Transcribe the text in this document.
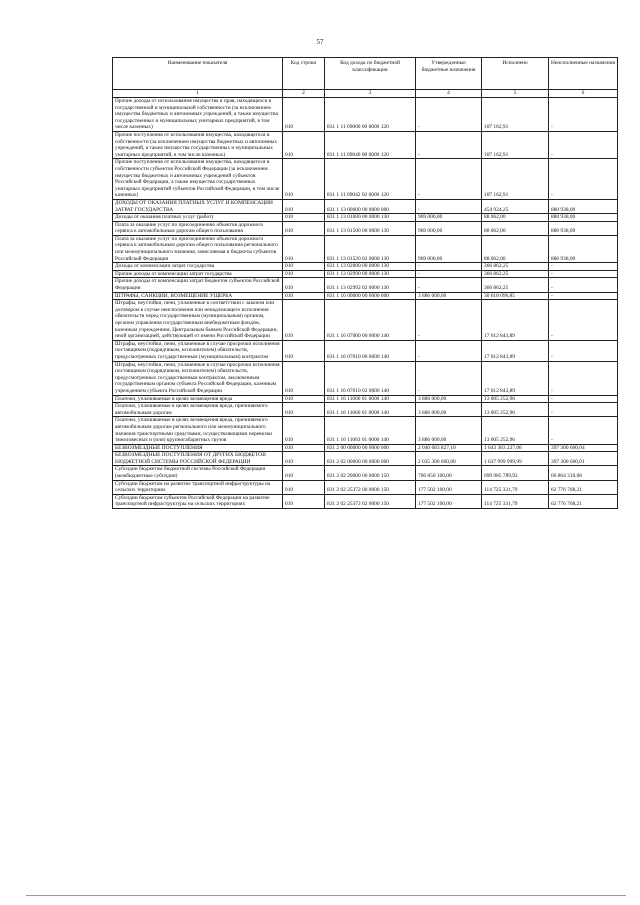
57
Наименование показателя	Код строки	Код дохода по бюджетной классификации	Утвержденные бюджетные назначения	Исполнено	Неисполненные назначения
1	2	3	4	5	6
Прочие доходы от использования имущества и прав, находящихся в государственной и муниципальной собственности (за исключением имущества бюджетных и автономных учреждений, а также имущества государственных и муниципальных унитарных предприятий, в том числе казенных)	010	831 1 11 09000 00 0000 120	-	107 162,91	-
Прочие поступления от использования имущества, находящегося в собственности (за исключением имущества бюджетных и автономных учреждений, а также имущества государственных и муниципальных унитарных предприятий, в том числе казенных)	010	831 1 11 09040 00 0000 120	-	107 162,91	-
Прочие поступления от использования имущества, находящегося в собственности субъектов Российской Федерации (за исключением имущества бюджетных и автономных учреждений субъектов Российской Федерации, а также имущества государственных унитарных предприятий субъектов Российской Федерации, в том числе казенных)	010	831 1 11 09042 02 0000 120	-	107 162,91	-
ДОХОДЫ ОТ ОКАЗАНИЯ ПЛАТНЫХ УСЛУГ И КОМПЕНСАЦИИ ЗАТРАТ ГОСУДАРСТВА	010	831 1 13 00000 00 0000 000	-	454 924,25	880 938,00
Доходы от оказания платных услуг (работ)	010	831 1 13 01000 00 0000 130	969 000,00	88 062,00	880 938,00
Плата за оказание услуг по присоединению объектов дорожного сервиса к автомобильным дорогам общего пользования	010	831 1 13 01500 00 0000 130	969 000,00	88 062,00	880 938,00
Плата за оказание услуг по присоединению объектов дорожного сервиса к автомобильным дорогам общего пользования регионального или межмуниципального значения, зачисляемая в бюджеты субъектов Российской Федерации	010	831 1 13 01520 02 0000 130	969 000,00	88 062,00	880 938,00
Доходы от компенсации затрат государства	010	831 1 13 02000 00 0000 130	-	366 862,25	-
Прочие доходы от компенсации затрат государства	010	831 1 13 02990 00 0000 130	-	366 862,25	-
Прочие доходы от компенсации затрат бюджетов субъектов Российской Федерации	010	831 1 13 02992 02 0000 130	-	366 862,25	-
ШТРАФЫ, САНКЦИИ, ВОЗМЕЩЕНИЕ УЩЕРБА	010	831 1 16 00000 00 0000 000	3 886 000,00	30 618 096,85	-
Штрафы, неустойки, пени, уплаченные в соответствии с законом или договором в случае неисполнения или ненадлежащего исполнения обязательств перед государственным (муниципальным) органом, органом управления государственным внебюджетным фондом, казенным учреждением, Центральным банком Российской Федерации, иной организацией, действующей от имени Российской Федерации	010	831 1 16 07000 00 0000 140	-	17 612 843,89	-
Штрафы, неустойки, пени, уплаченные в случае просрочки исполнения поставщиком (подрядчиком, исполнителем) обязательств, предусмотренных государственным (муниципальным) контрактом	010	831 1 16 07010 00 0000 140	-	17 612 843,89	-
Штрафы, неустойки, пени, уплаченные в случае просрочки исполнения поставщиком (подрядчиком, исполнителем) обязательств, предусмотренных государственным контрактом, заключенным государственным органом субъекта Российской Федерации, казенным учреждением субъекта Российской Федерации	010	831 1 16 07010 02 0000 140	-	17 612 843,89	-
Платежи, уплачиваемые в целях возмещения вреда	010	831 1 16 11000 01 0000 140	3 886 000,00	13 005 252,96	-
Платежи, уплачиваемые в целях возмещения вреда, причиняемого автомобильным дорогам	010	831 1 16 11060 01 0000 140	3 886 000,00	13 005 252,96	-
Платежи, уплачиваемые в целях возмещения вреда, причиняемого автомобильным дорогам регионального или межмуниципального значения транспортными средствами, осуществляющими перевозки тяжеловесных и (или) крупногабаритных грузов	010	831 1 16 11063 01 0000 140	3 886 000,00	13 005 252,96	-
БЕЗВОЗМЕЗДНЫЕ ПОСТУПЛЕНИЯ	010	831 2 00 00000 00 0000 000	2 040 683 827,10	1 643 383 227,06	397 300 600,04
БЕЗВОЗМЕЗДНЫЕ ПОСТУПЛЕНИЯ ОТ ДРУГИХ БЮДЖЕТОВ БЮДЖЕТНОЙ СИСТЕМЫ РОССИЙСКОЙ ФЕДЕРАЦИИ	010	831 2 02 00000 00 0000 000	2 035 300 600,00	1 637 999 999,99	397 300 600,01
Субсидии бюджетам бюджетной системы Российской Федерации (межбюджетные субсидии)	010	831 2 02 20000 00 0000 150	766 850 100,00	699 985 789,92	66 864 310,08
Субсидии бюджетам на развитие транспортной инфраструктуры на сельских территориях	010	831 2 02 25372 00 0000 150	177 502 100,00	114 725 331,79	62 776 768,21
Субсидии бюджетам субъектов Российской Федерации на развитие транспортной инфраструктуры на сельских территориях	010	831 2 02 25372 02 0000 150	177 502 100,00	114 725 331,79	62 776 768,21
